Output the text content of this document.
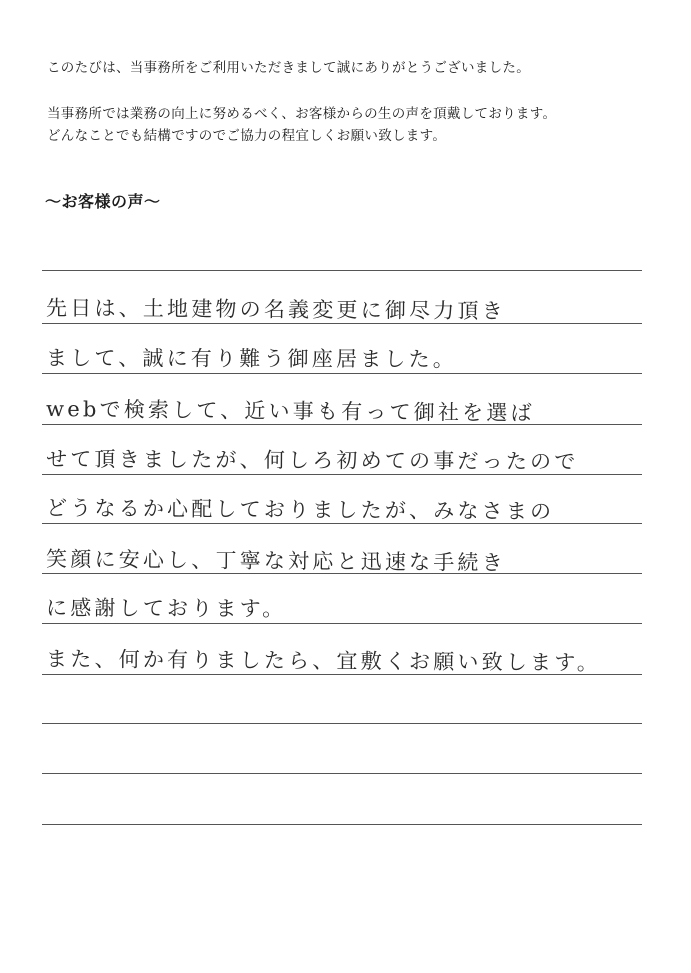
このたびは、当事務所をご利用いただきまして誠にありがとうございました。
当事務所では業務の向上に努めるべく、お客様からの生の声を頂戴しております。
どんなことでも結構ですのでご協力の程宜しくお願い致します。
～お客様の声～
先日は、土地建物の名義変更に御尽力頂き
まして、誠に有り難う御座居ました。
webで検索して、近い事も有って御社を選ば
せて頂きましたが、何しろ初めての事だったので
どうなるか心配しておりましたが、みなさまの
笑顔に安心し、丁寧な対応と迅速な手続き
に感謝しております。
また、何か有りましたら、宜敷くお願い致します。
